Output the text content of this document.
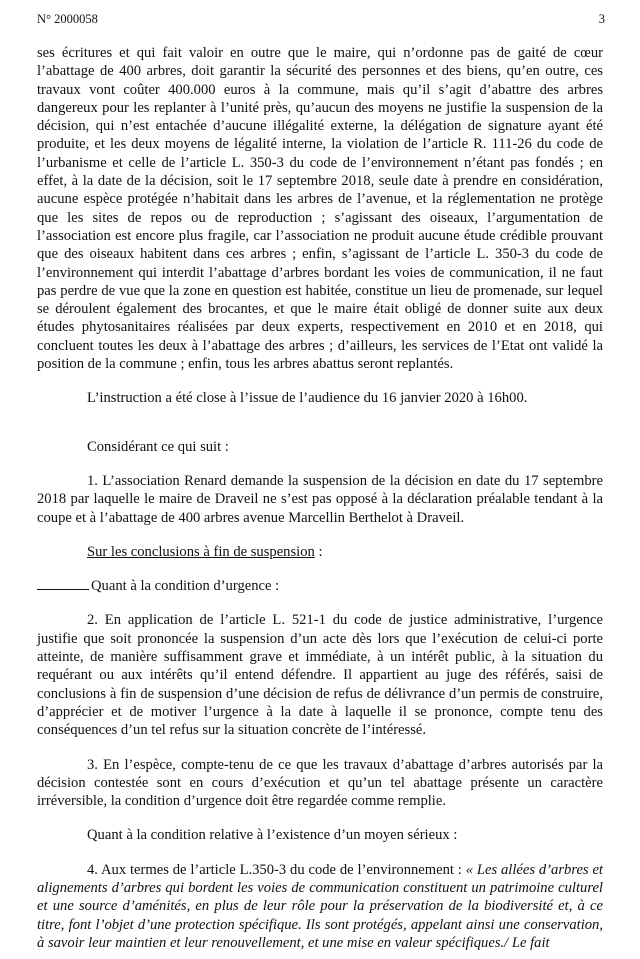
N° 2000058	3

ses écritures et qui fait valoir en outre que le maire, qui n’ordonne pas de gaité de cœur l’abattage de 400 arbres, doit garantir la sécurité des personnes et des biens, qu’en outre, ces travaux vont coûter 400.000 euros à la commune, mais qu’il s’agit d’abattre des arbres dangereux pour les replanter à l’unité près, qu’aucun des moyens ne justifie la suspension de la décision, qui n’est entachée d’aucune illégalité externe, la délégation de signature ayant été produite, et les deux moyens de légalité interne, la violation de l’article R. 111-26 du code de l’urbanisme et celle de l’article L. 350-3 du code de l’environnement n’étant pas fondés ; en effet, à la date de la décision, soit le 17 septembre 2018, seule date à prendre en considération, aucune espèce protégée n’habitait dans les arbres de l’avenue, et la réglementation ne protège que les sites de repos ou de reproduction ; s’agissant des oiseaux, l’argumentation de l’association est encore plus fragile, car l’association ne produit aucune étude crédible prouvant que des oiseaux habitent dans ces arbres ; enfin, s’agissant de l’article L. 350-3 du code de l’environnement qui interdit l’abattage d’arbres bordant les voies de communication, il ne faut pas perdre de vue que la zone en question est habitée, constitue un lieu de promenade, sur lequel se déroulent également des brocantes, et que le maire était obligé de donner suite aux deux études phytosanitaires réalisées par deux experts, respectivement en 2010 et en 2018, qui concluent toutes les deux à l’abattage des arbres ; d’ailleurs, les services de l’Etat ont validé la position de la commune ; enfin, tous les arbres abattus seront replantés.

L’instruction a été close à l’issue de l’audience du 16 janvier 2020 à 16h00.

Considérant ce qui suit :

1. L’association Renard demande la suspension de la décision en date du 17 septembre 2018 par laquelle le maire de Draveil ne s’est pas opposé à la déclaration préalable tendant à la coupe et à l’abattage de 400 arbres avenue Marcellin Berthelot à Draveil.

Sur les conclusions à fin de suspension :

Quant à la condition d’urgence :

2. En application de l’article L. 521-1 du code de justice administrative, l’urgence justifie que soit prononcée la suspension d’un acte dès lors que l’exécution de celui-ci porte atteinte, de manière suffisamment grave et immédiate, à un intérêt public, à la situation du requérant ou aux intérêts qu’il entend défendre. Il appartient au juge des référés, saisi de conclusions à fin de suspension d’une décision de refus de délivrance d’un permis de construire, d’apprécier et de motiver l’urgence à la date à laquelle il se prononce, compte tenu des conséquences d’un tel refus sur la situation concrète de l’intéressé.

3. En l’espèce, compte-tenu de ce que les travaux d’abattage d’arbres autorisés par la décision contestée sont en cours d’exécution et qu’un tel abattage présente un caractère irréversible, la condition d’urgence doit être regardée comme remplie.

Quant à la condition relative à l’existence d’un moyen sérieux :

4. Aux termes de l’article L.350-3 du code de l’environnement : « Les allées d’arbres et alignements d’arbres qui bordent les voies de communication constituent un patrimoine culturel et une source d’aménités, en plus de leur rôle pour la préservation de la biodiversité et, à ce titre, font l’objet d’une protection spécifique. Ils sont protégés, appelant ainsi une conservation, à savoir leur maintien et leur renouvellement, et une mise en valeur spécifiques./ Le fait
